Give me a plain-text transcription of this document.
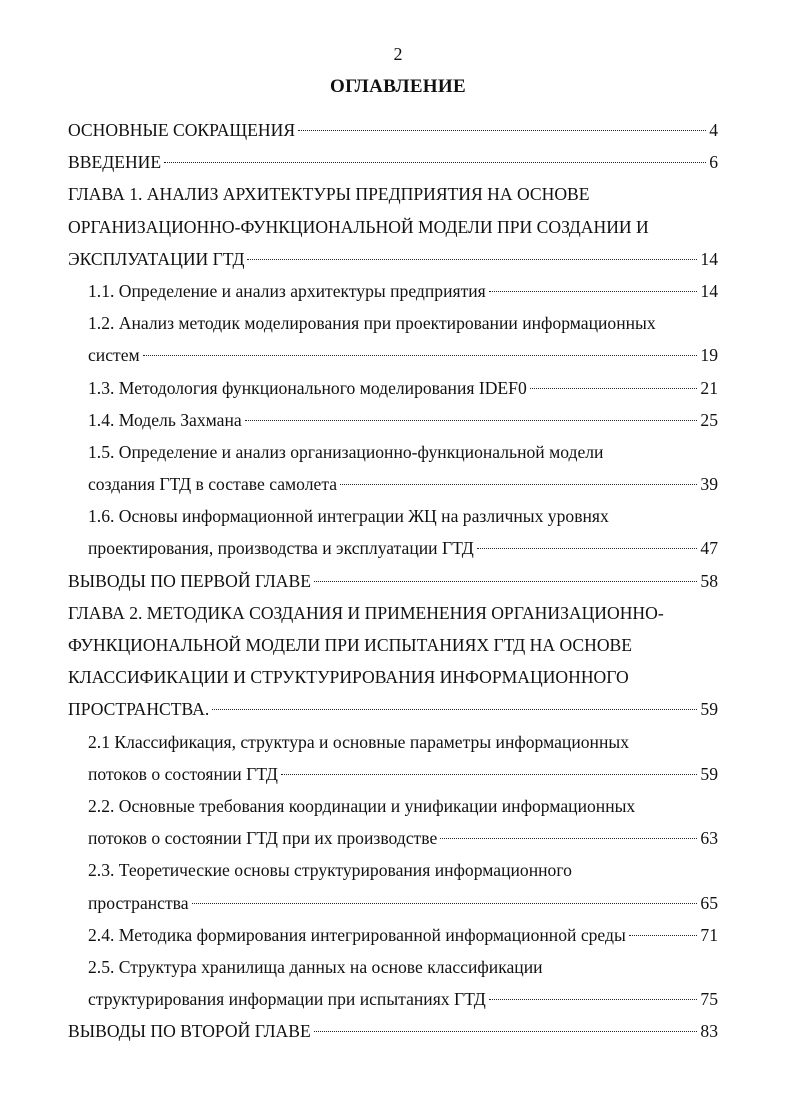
2
ОГЛАВЛЕНИЕ
ОСНОВНЫЕ СОКРАЩЕНИЯ	4
ВВЕДЕНИЕ	6
ГЛАВА 1. АНАЛИЗ АРХИТЕКТУРЫ ПРЕДПРИЯТИЯ НА ОСНОВЕ
ОРГАНИЗАЦИОННО-ФУНКЦИОНАЛЬНОЙ МОДЕЛИ ПРИ СОЗДАНИИ И
ЭКСПЛУАТАЦИИ ГТД	14
1.1. Определение и анализ архитектуры предприятия	14
1.2. Анализ методик моделирования при проектировании информационных
систем	19
1.3. Методология функционального моделирования IDEF0	21
1.4. Модель Захмана	25
1.5. Определение и анализ организационно-функциональной модели
создания ГТД в составе самолета	39
1.6. Основы информационной интеграции ЖЦ на различных уровнях
проектирования, производства и эксплуатации ГТД	47
ВЫВОДЫ ПО ПЕРВОЙ ГЛАВЕ	58
ГЛАВА 2. МЕТОДИКА СОЗДАНИЯ И ПРИМЕНЕНИЯ ОРГАНИЗАЦИОННО-
ФУНКЦИОНАЛЬНОЙ МОДЕЛИ ПРИ ИСПЫТАНИЯХ ГТД НА ОСНОВЕ
КЛАССИФИКАЦИИ И СТРУКТУРИРОВАНИЯ ИНФОРМАЦИОННОГО
ПРОСТРАНСТВА.	59
2.1 Классификация, структура и основные параметры информационных
потоков о состоянии ГТД	59
2.2. Основные требования координации и унификации информационных
потоков о состоянии ГТД при их производстве	63
2.3. Теоретические основы структурирования информационного
пространства	65
2.4. Методика формирования интегрированной информационной среды	71
2.5. Структура хранилища данных на основе классификации
структурирования информации при испытаниях ГТД	75
ВЫВОДЫ ПО ВТОРОЙ ГЛАВЕ	83
